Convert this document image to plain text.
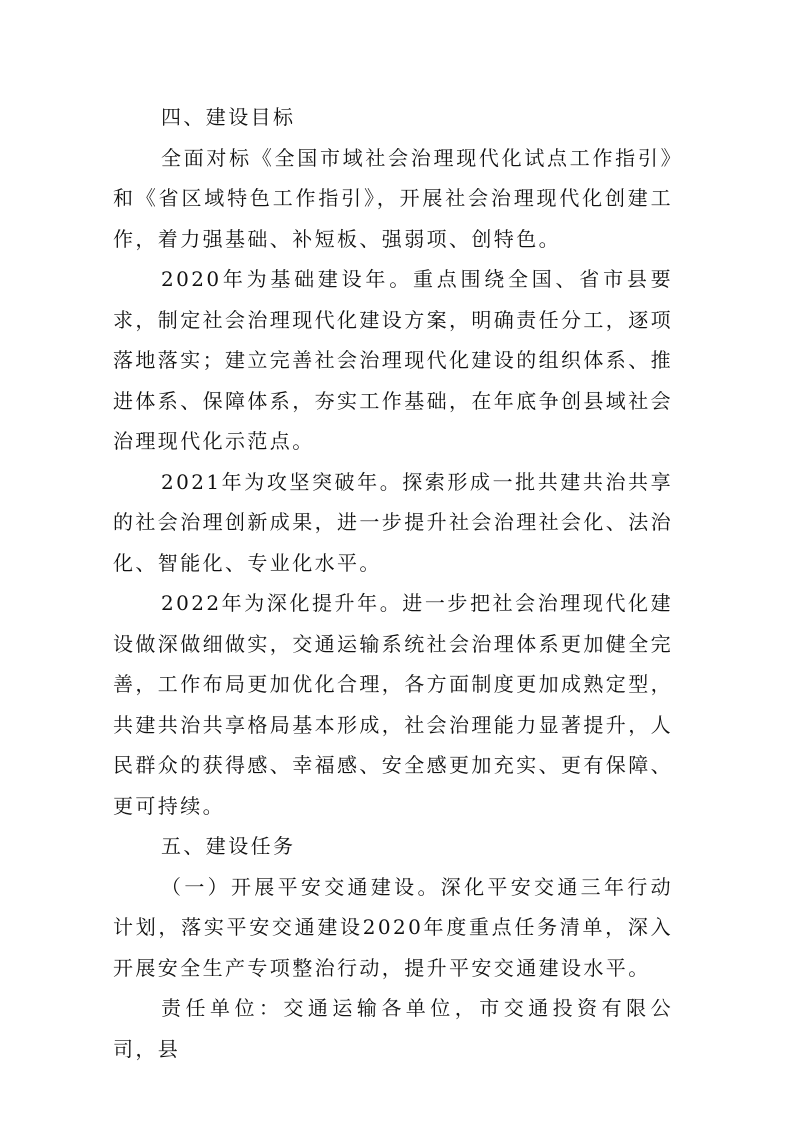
四、建设目标

全面对标《全国市域社会治理现代化试点工作指引》和《省区域特色工作指引》，开展社会治理现代化创建工作，着力强基础、补短板、强弱项、创特色。

2020年为基础建设年。重点围绕全国、省市县要求，制定社会治理现代化建设方案，明确责任分工，逐项落地落实；建立完善社会治理现代化建设的组织体系、推进体系、保障体系，夯实工作基础，在年底争创县域社会治理现代化示范点。

2021年为攻坚突破年。探索形成一批共建共治共享的社会治理创新成果，进一步提升社会治理社会化、法治化、智能化、专业化水平。

2022年为深化提升年。进一步把社会治理现代化建设做深做细做实，交通运输系统社会治理体系更加健全完善，工作布局更加优化合理，各方面制度更加成熟定型，共建共治共享格局基本形成，社会治理能力显著提升，人民群众的获得感、幸福感、安全感更加充实、更有保障、更可持续。

五、建设任务

（一）开展平安交通建设。深化平安交通三年行动计划，落实平安交通建设2020年度重点任务清单，深入开展安全生产专项整治行动，提升平安交通建设水平。

责任单位：交通运输各单位，市交通投资有限公司，县
